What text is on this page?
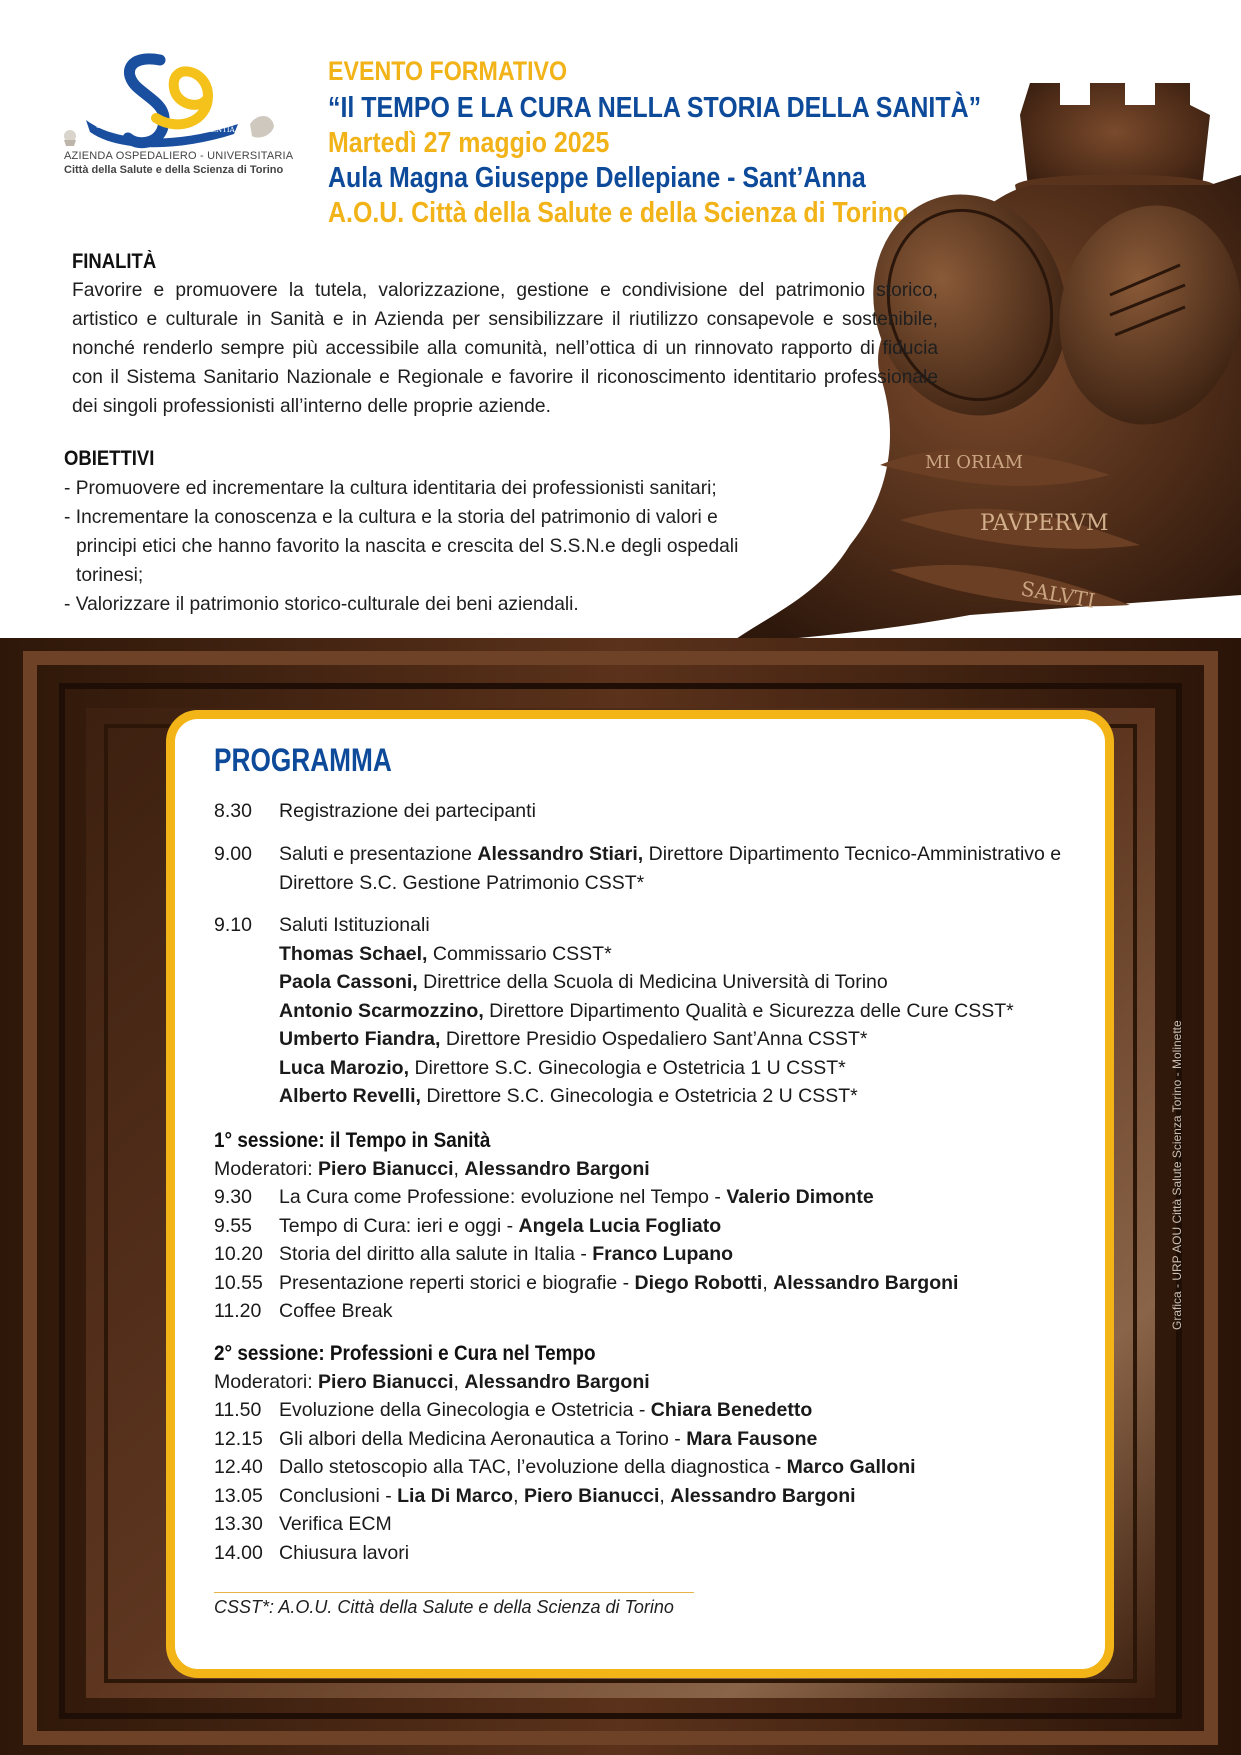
SALUS	SCIENTIA
AZIENDA OSPEDALIERO - UNIVERSITARIA
Città della Salute e della Scienza di Torino
EVENTO FORMATIVO
“Il TEMPO E LA CURA NELLA STORIA DELLA SANITÀ”
Martedì 27 maggio 2025
Aula Magna Giuseppe Dellepiane - Sant’Anna
A.O.U. Città della Salute e della Scienza di Torino
MI ORIAM
PAVPERVM
SALVTI
FINALITÀ
Favorire e promuovere la tutela, valorizzazione, gestione e condivisione del patrimonio storico, artistico e culturale in Sanità e in Azienda per sensibilizzare il riutilizzo consapevole e sostenibile, nonché renderlo sempre più accessibile alla comunità, nell’ottica di un rinnovato rapporto di fiducia con il Sistema Sanitario Nazionale e Regionale e favorire il riconoscimento identitario professionale dei singoli professionisti all’interno delle proprie aziende.
OBIETTIVI
- Promuovere ed incrementare la cultura identitaria dei professionisti sanitari;
- Incrementare la conoscenza e la cultura e la storia del patrimonio di valori e principi etici che hanno favorito la nascita e crescita del S.S.N.e degli ospedali torinesi;
- Valorizzare il patrimonio storico-culturale dei beni aziendali.
PROGRAMMA
8.30	Registrazione dei partecipanti
9.00	Saluti e presentazione Alessandro Stiari, Direttore Dipartimento Tecnico-Amministrativo e Direttore S.C. Gestione Patrimonio CSST*
9.10	Saluti Istituzionali
Thomas Schael, Commissario CSST*
Paola Cassoni, Direttrice della Scuola di Medicina Università di Torino
Antonio Scarmozzino, Direttore Dipartimento Qualità e Sicurezza delle Cure CSST*
Umberto Fiandra, Direttore Presidio Ospedaliero Sant’Anna CSST*
Luca Marozio, Direttore S.C. Ginecologia e Ostetricia 1 U CSST*
Alberto Revelli, Direttore S.C. Ginecologia e Ostetricia 2 U CSST*
1° sessione: il Tempo in Sanità
Moderatori: Piero Bianucci, Alessandro Bargoni
9.30	La Cura come Professione: evoluzione nel Tempo - Valerio Dimonte
9.55	Tempo di Cura: ieri e oggi - Angela Lucia Fogliato
10.20 Storia del diritto alla salute in Italia - Franco Lupano
10.55 Presentazione reperti storici e biografie - Diego Robotti, Alessandro Bargoni
11.20 Coffee Break
2° sessione: Professioni e Cura nel Tempo
Moderatori: Piero Bianucci, Alessandro Bargoni
11.50 Evoluzione della Ginecologia e Ostetricia - Chiara Benedetto
12.15 Gli albori della Medicina Aeronautica a Torino - Mara Fausone
12.40 Dallo stetoscopio alla TAC, l’evoluzione della diagnostica - Marco Galloni
13.05 Conclusioni - Lia Di Marco, Piero Bianucci, Alessandro Bargoni
13.30 Verifica ECM
14.00 Chiusura lavori
CSST*: A.O.U. Città della Salute e della Scienza di Torino
Grafica - URP AOU Città Salute Scienza Torino - Molinette
